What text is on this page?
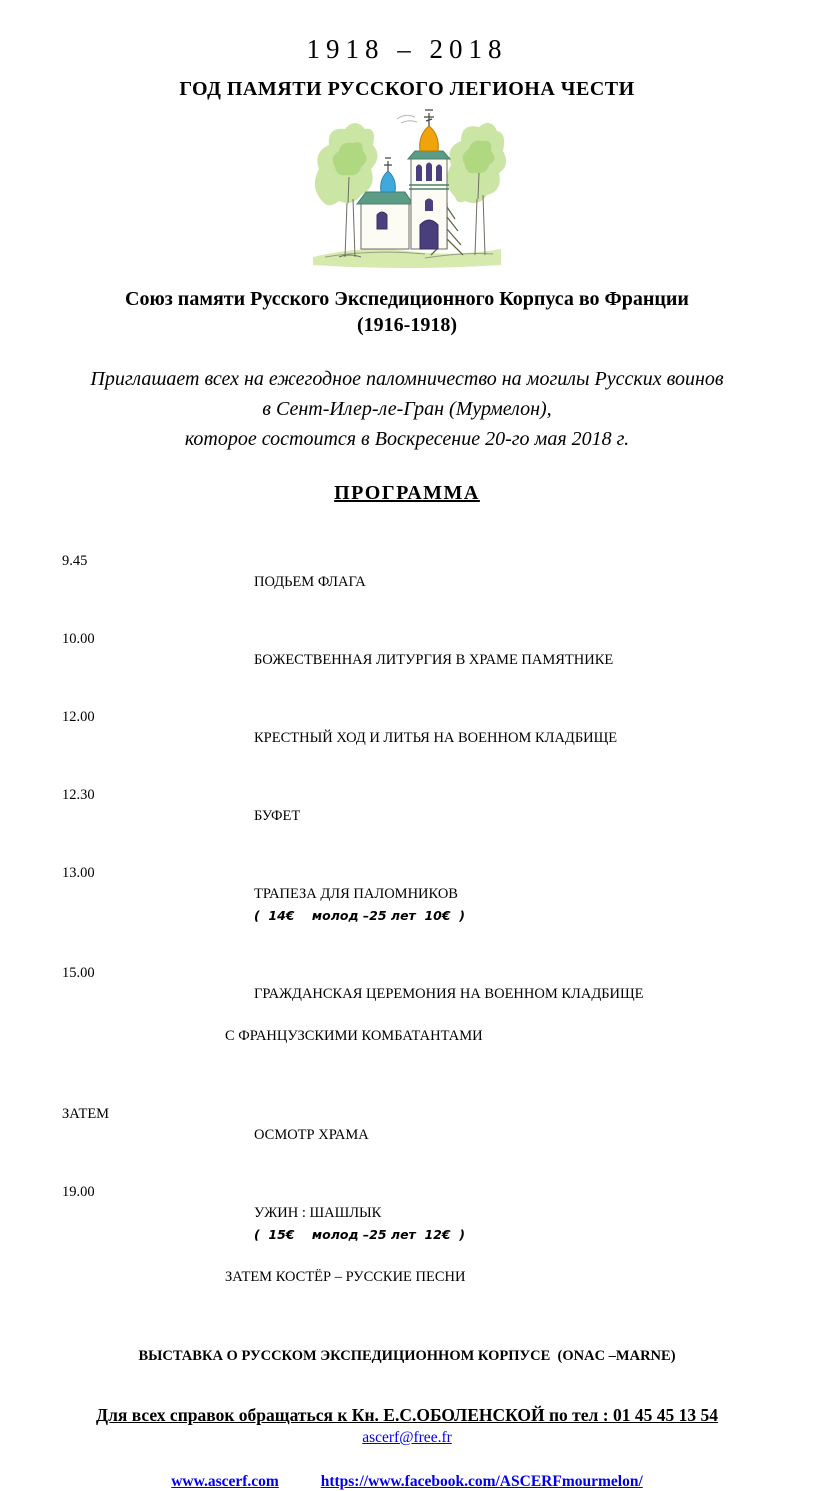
1918 – 2018
ГОД ПАМЯТИ РУССКОГО ЛЕГИОНА ЧЕСТИ
Союз памяти Русского Экспедиционного Корпуса во Франции
(1916-1918)
Приглашает всех на ежегодное паломничество на могилы Русских воинов
в Сент-Илер-ле-Гран (Мурмелон),
которое состоится в Воскресение 20-го мая 2018 г.
ПРОГРАММА
9.45

ПОДЬЕМ ФЛАГА

10.00

БОЖЕСТВЕННАЯ ЛИТУРГИЯ В ХРАМЕ ПАМЯТНИКЕ

12.00

КРЕСТНЫЙ ХОД И ЛИТЬЯ НА ВОЕННОМ КЛАДБИЩЕ

12.30

БУФЕТ

13.00

ТРАПЕЗА ДЛЯ ПАЛОМНИКОВ
(  14€    молод –25 лет  10€  )

15.00

ГРАЖДАНСКАЯ ЦЕРЕМОНИЯ НА ВОЕННОМ КЛАДБИЩЕ

С ФРАНЦУЗСКИМИ КОМБАТАНТАМИ

ЗАТЕМ

ОСМОТР ХРАМА

19.00

УЖИН : ШАШЛЫК
(  15€    молод –25 лет  12€  )

ЗАТЕМ КОСТЁР – РУССКИЕ ПЕСНИ

ВЫСТАВКА О РУССКОМ ЭКСПЕДИЦИОННОМ КОРПУСЕ  (ONAC –MARNE)
Для всех справок обращаться к Кн. Е.С.ОБОЛЕНСКОЙ по тел : 01 45 45 13 54
ascerf@free.fr
www.ascerf.com	https://www.facebook.com/ASCERFmourmelon/
